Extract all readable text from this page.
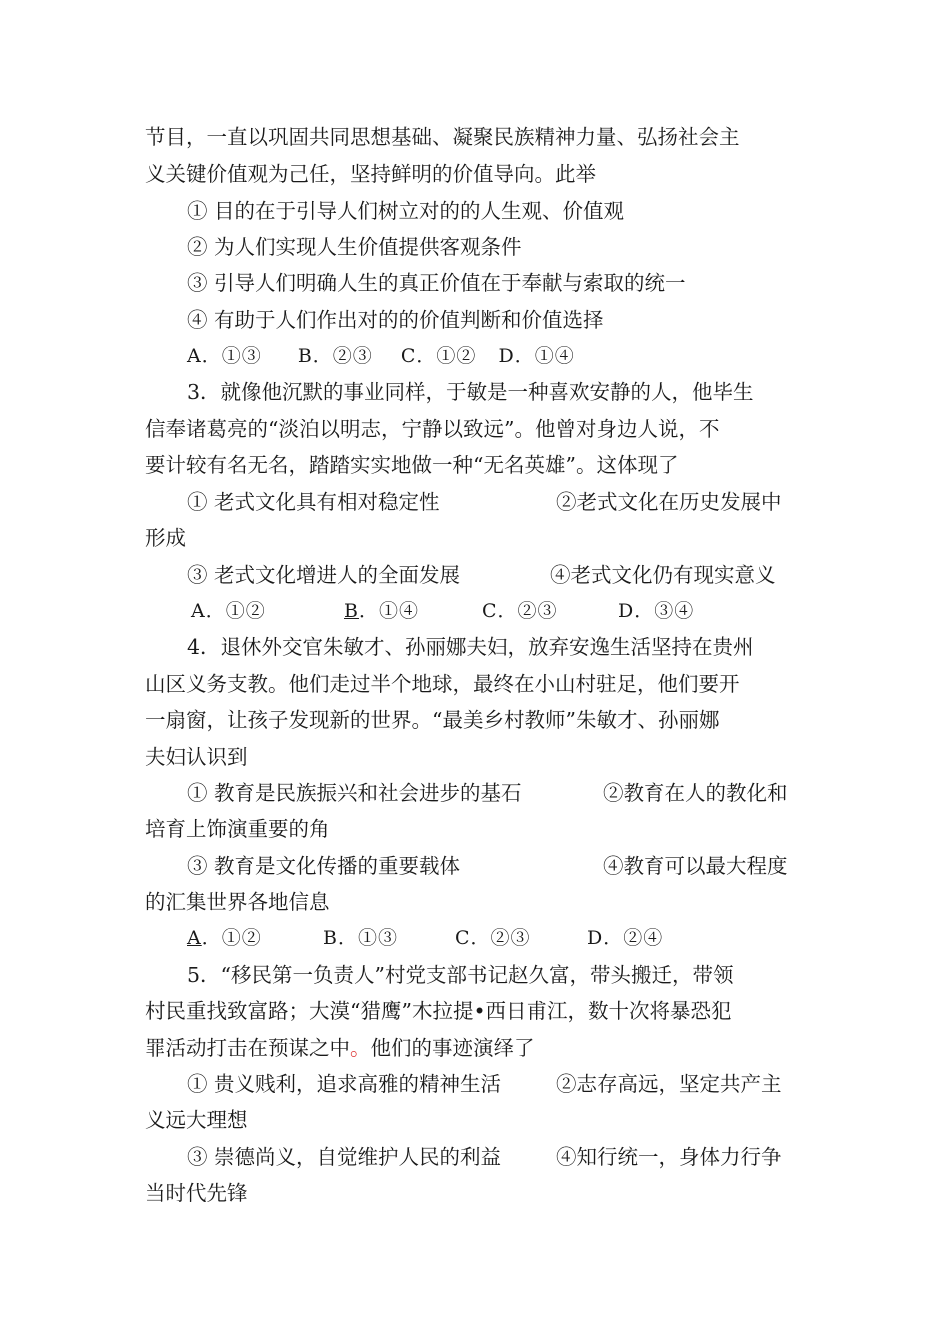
节目，一直以巩固共同思想基础、凝聚民族精神力量、弘扬社会主
义关键价值观为己任，坚持鲜明的价值导向。此举
① 目的在于引导人们树立对的的人生观、价值观
② 为人们实现人生价值提供客观条件
③ 引导人们明确人生的真正价值在于奉献与索取的统一
④ 有助于人们作出对的的价值判断和价值选择
A．①③ B．②③ C．①② D．①④
3．就像他沉默的事业同样，于敏是一种喜欢安静的人，他毕生
信奉诸葛亮的“淡泊以明志，宁静以致远”。他曾对身边人说，不
要计较有名无名，踏踏实实地做一种“无名英雄”。这体现了
① 老式文化具有相对稳定性	②老式文化在历史发展中
形成
③ 老式文化增进人的全面发展	④老式文化仍有现实意义
A．①②	B．①④	C．②③	D．③④
4．退休外交官朱敏才、孙丽娜夫妇，放弃安逸生活坚持在贵州
山区义务支教。他们走过半个地球，最终在小山村驻足，他们要开
一扇窗，让孩子发现新的世界。“最美乡村教师”朱敏才、孙丽娜
夫妇认识到
① 教育是民族振兴和社会进步的基石	②教育在人的教化和
培育上饰演重要的角
③ 教育是文化传播的重要载体	④教育可以最大程度
的汇集世界各地信息
A．①②	B．①③	C．②③	D．②④
5．“移民第一负责人”村党支部书记赵久富，带头搬迁，带领
村民重找致富路；大漠“猎鹰”木拉提•西日甫江，数十次将暴恐犯
罪活动打击在预谋之中。他们的事迹演绎了
① 贵义贱利，追求高雅的精神生活	②志存高远，坚定共产主
义远大理想
③ 崇德尚义，自觉维护人民的利益	④知行统一，身体力行争
当时代先锋
